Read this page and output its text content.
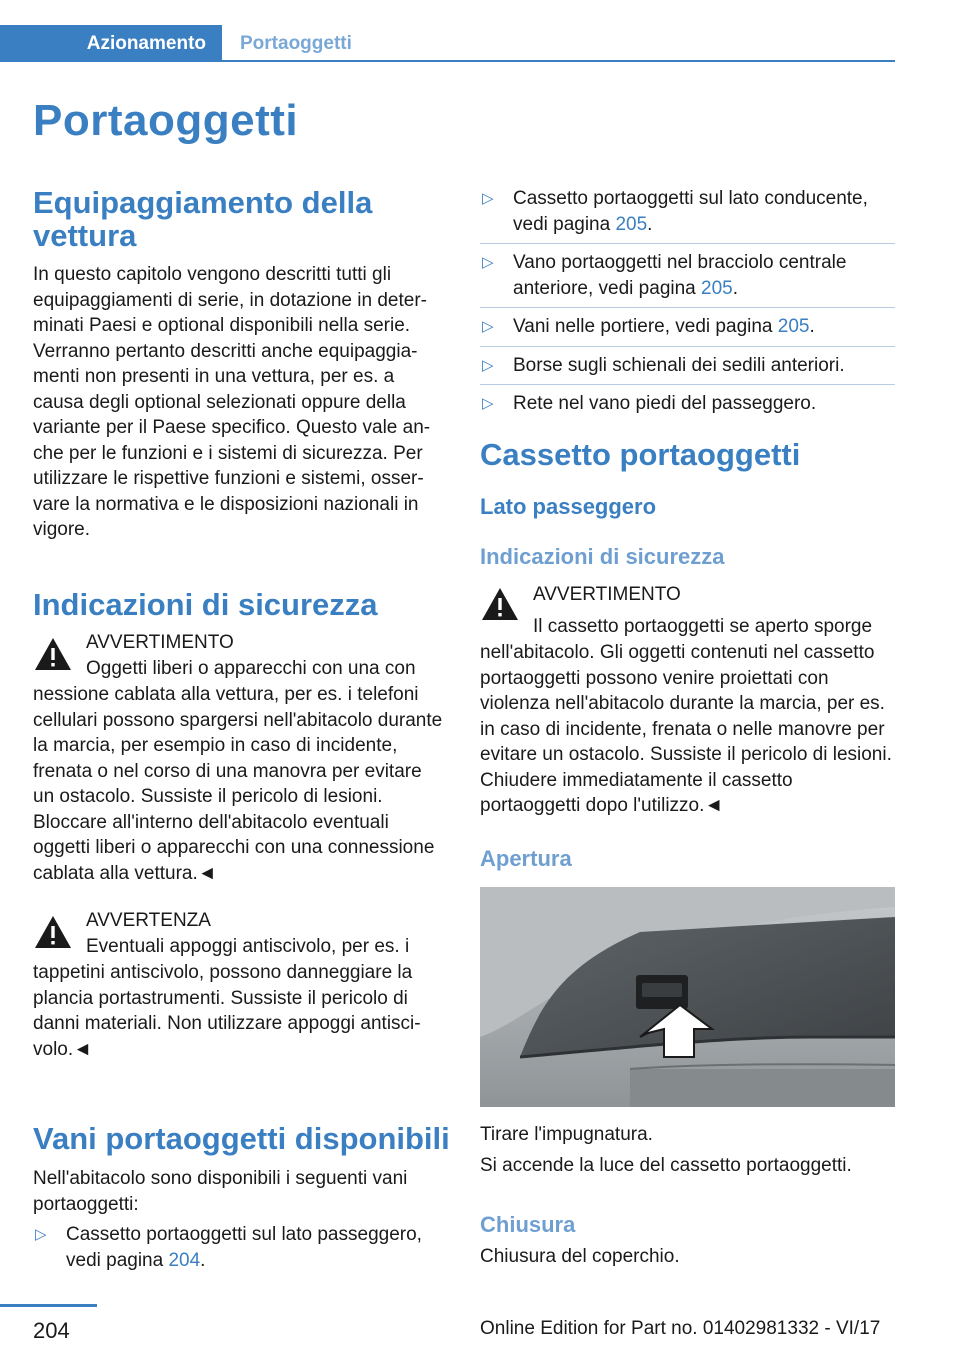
Azionamento	Portaoggetti
Portaoggetti
Equipaggiamento della vettura

In questo capitolo vengono descritti tutti gli equipaggiamenti di serie, in dotazione in determinati Paesi e optional disponibili nella serie. Verranno pertanto descritti anche equipaggiamenti non presenti in una vettura, per es. a causa degli optional selezionati oppure della variante per il Paese specifico. Questo vale anche per le funzioni e i sistemi di sicurezza. Per utilizzare le rispettive funzioni e sistemi, osservare la normativa e le disposizioni nazionali in vigore.

Indicazioni di sicurezza
AVVERTIMENTO
Oggetti liberi o apparecchi con una con

nessione cablata alla vettura, per es. i telefoni cellulari possono spargersi nell'abitacolo durante la marcia, per esempio in caso di incidente, frenata o nel corso di una manovra per evitare un ostacolo. Sussiste il pericolo di lesioni. Bloccare all'interno dell'abitacolo eventuali oggetti liberi o apparecchi con una connessione cablata alla vettura.◄

AVVERTENZA
Eventuali appoggi antiscivolo, per es. i

tappetini antiscivolo, possono danneggiare la plancia portastrumenti. Sussiste il pericolo di danni materiali. Non utilizzare appoggi antiscivolo.◄

Vani portaoggetti disponibili

Nell'abitacolo sono disponibili i seguenti vani portaoggetti:

▷ Cassetto portaoggetti sul lato passeggero, vedi pagina 204.
▷ Cassetto portaoggetti sul lato conducente, vedi pagina 205.
▷ Vano portaoggetti nel bracciolo centrale anteriore, vedi pagina 205.
▷ Vani nelle portiere, vedi pagina 205.
▷ Borse sugli schienali dei sedili anteriori.
▷ Rete nel vano piedi del passeggero.
Cassetto portaoggetti
Lato passeggero
Indicazioni di sicurezza
AVVERTIMENTO
Il cassetto portaoggetti se aperto sporge

nell'abitacolo. Gli oggetti contenuti nel cassetto portaoggetti possono venire proiettati con violenza nell'abitacolo durante la marcia, per es. in caso di incidente, frenata o nelle manovre per evitare un ostacolo. Sussiste il pericolo di lesioni. Chiudere immediatamente il cassetto portaoggetti dopo l'utilizzo.◄

Apertura
Tirare l'impugnatura.
Si accende la luce del cassetto portaoggetti.
Chiusura
Chiusura del coperchio.
204	Online Edition for Part no. 01402981332 - VI/17
